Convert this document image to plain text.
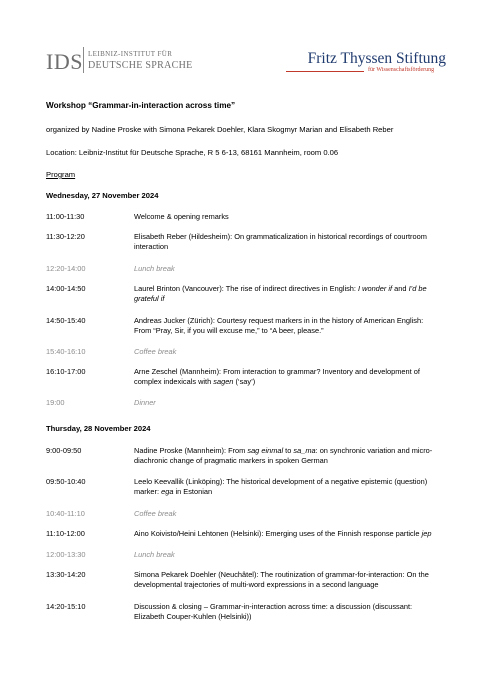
IDS LEIBNIZ-INSTITUT FÜR
DEUTSCHE SPRACHE	Fritz Thyssen Stiftung
für Wissenschaftsförderung
Workshop “Grammar-in-interaction across time”
organized by Nadine Proske with Simona Pekarek Doehler, Klara Skogmyr Marian and Elisabeth Reber
Location: Leibniz-Institut für Deutsche Sprache, R 5 6-13, 68161 Mannheim, room 0.06
Program
Wednesday, 27 November 2024
11:00-11:30	Welcome & opening remarks
11:30-12:20	Elisabeth Reber (Hildesheim): On grammaticalization in historical recordings of courtroom interaction
12:20-14:00	Lunch break
14:00-14:50	Laurel Brinton (Vancouver): The rise of indirect directives in English: I wonder if and I’d be grateful if
14:50-15:40	Andreas Jucker (Zürich): Courtesy request markers in in the history of American English: From “Pray, Sir, if you will excuse me,” to “A beer, please.”
15:40-16:10	Coffee break
16:10-17:00	Arne Zeschel (Mannheim): From interaction to grammar? Inventory and development of complex indexicals with sagen (‘say’)
19:00	Dinner
Thursday, 28 November 2024
9:00-09:50	Nadine Proske (Mannheim): From sag einmal to sa_ma: on synchronic variation and micro-diachronic change of pragmatic markers in spoken German
09:50-10:40	Leelo Keevallik (Linköping): The historical development of a negative epistemic (question) marker: ega in Estonian
10:40-11:10	Coffee break
11:10-12:00	Aino Koivisto/Heini Lehtonen (Helsinki): Emerging uses of the Finnish response particle jep
12:00-13:30	Lunch break
13:30-14:20	Simona Pekarek Doehler (Neuchâtel): The routinization of grammar-for-interaction: On the developmental trajectories of multi-word expressions in a second language
14:20-15:10	Discussion & closing – Grammar-in-interaction across time: a discussion (discussant: Elizabeth Couper-Kuhlen (Helsinki))
